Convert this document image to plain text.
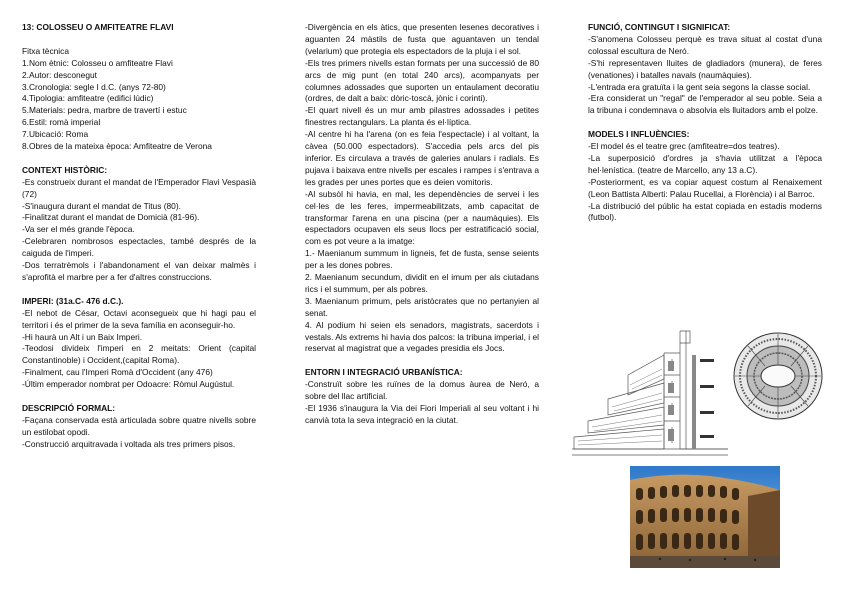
13: COLOSSEU O AMFITEATRE FLAVI

Fitxa tècnica

1.Nom ètnic: Colosseu o amfiteatre Flavi

2.Autor: desconegut

3.Cronologia: segle I d.C. (anys 72-80)

4.Tipologia: amfiteatre (edifici lúdic)

5.Materials: pedra, marbre de travertí i estuc

6.Estil: romà imperial

7.Ubicació: Roma

8.Obres de la mateixa època: Amfiteatre de Verona

CONTEXT HISTÒRIC:

-Es construeix durant el mandat de l'Emperador Flavi Vespasià (72)

-S'inaugura durant el mandat de Titus (80).

-Finalitzat durant el mandat de Domicià (81-96).

-Va ser el més grande l'època.

-Celebraren nombrosos espectacles, també després de la caiguda de l'imperi.

-Dos terratrèmols i l'abandonament el van deixar malmès i s'aprofità el marbre per a fer d'altres construccions.

IMPERI: (31a.C- 476 d.C.).

-El nebot de César, Octavi aconsegueix que hi hagi pau el territori i és el primer de la seva família en aconseguir-ho.

-Hi haurà un Alt i un Baix Imperi.

-Teodosi divideix l'imperi en 2 meitats: Orient (capital Constantinoble) i Occident,(capital Roma).

-Finalment, cau l'Imperi Romà d'Occident (any 476)

-Últim emperador nombrat per Odoacre: Ròmul Augústul.

DESCRIPCIÓ FORMAL:

-Façana conservada està articulada sobre quatre nivells sobre un estilobat opodi.

-Construcció arquitravada i voltada als tres primers pisos.

-Divergència en els àtics, que presenten lesenes decoratives i aguanten 24 màstils de fusta que aguantaven un tendal (velarium) que protegia els espectadors de la pluja i el sol.

-Els tres primers nivells estan formats per una successió de 80 arcs de mig punt (en total 240 arcs), acompanyats per columnes adossades que suporten un entaulament decoratiu (ordres, de dalt a baix: dòric-toscà, jònic i corinti).

-El quart nivell és un mur amb pilastres adossades i petites finestres rectangulars. La planta és el·líptica.

-Al centre hi ha l'arena (on es feia l'espectacle) i al voltant, la càvea (50.000 espectadors). S'accedia pels arcs del pis inferior. Es circulava a través de galeries anulars i radials. Es pujava i baixava entre nivells per escales i rampes i s'entrava a les grades per unes portes que es deien vomitoris.

-Al subsòl hi havia, en mal, les dependències de servei i les cel·les de les feres, impermeabilitzats, amb capacitat de transformar l'arena en una piscina (per a naumàquies). Els espectadors ocupaven els seus llocs per estratificació social, com es pot veure a la imatge:

1.- Maenianum summum in ligneis, fet de fusta, sense seients per a les dones pobres.

2. Maenianum secundum, dividit en el imum per als ciutadans rics i el summum, per als pobres.

3. Maenianum primum, pels aristòcrates que no pertanyien al senat.

4. Al podium hi seien els senadors, magistrats, sacerdots i vestals. Als extrems hi havia dos palcos: la tribuna imperial, i el reservat al magistrat que a vegades presidia els Jocs.

ENTORN I INTEGRACIÓ URBANÍSTICA:

-Construït sobre les ruïnes de la domus àurea de Neró, a sobre del llac artificial.

-El 1936 s'inaugura la Via dei Fiori Imperiali al seu voltant i hi canvià tota la seva integració en la ciutat.

FUNCIÓ, CONTINGUT I SIGNIFICAT:

-S'anomena Colosseu perquè es trava situat al costat d'una colossal escultura de Neró.

-S'hi representaven lluites de gladiadors (munera), de feres (venationes) i batalles navals (naumàquies).

-L'entrada era gratuïta i la gent seia segons la classe social.

-Era considerat un "regal" de l'emperador al seu poble. Seia a la tribuna i condemnava o absolvia els lluitadors amb el polze.

MODELS I INFLUÈNCIES:

-El model és el teatre grec (amfiteatre=dos teatres).

-La superposició d'ordres ja s'havia utilitzat a l'època hel·lenística. (teatre de Marcello, any 13 a.C).

-Posteriorment, es va copiar aquest costum al Renaixement (Leon Battista Alberti: Palau Rucellai, a Florència) i al Barroc.

-La distribució del públic ha estat copiada en estadis moderns (futbol).
